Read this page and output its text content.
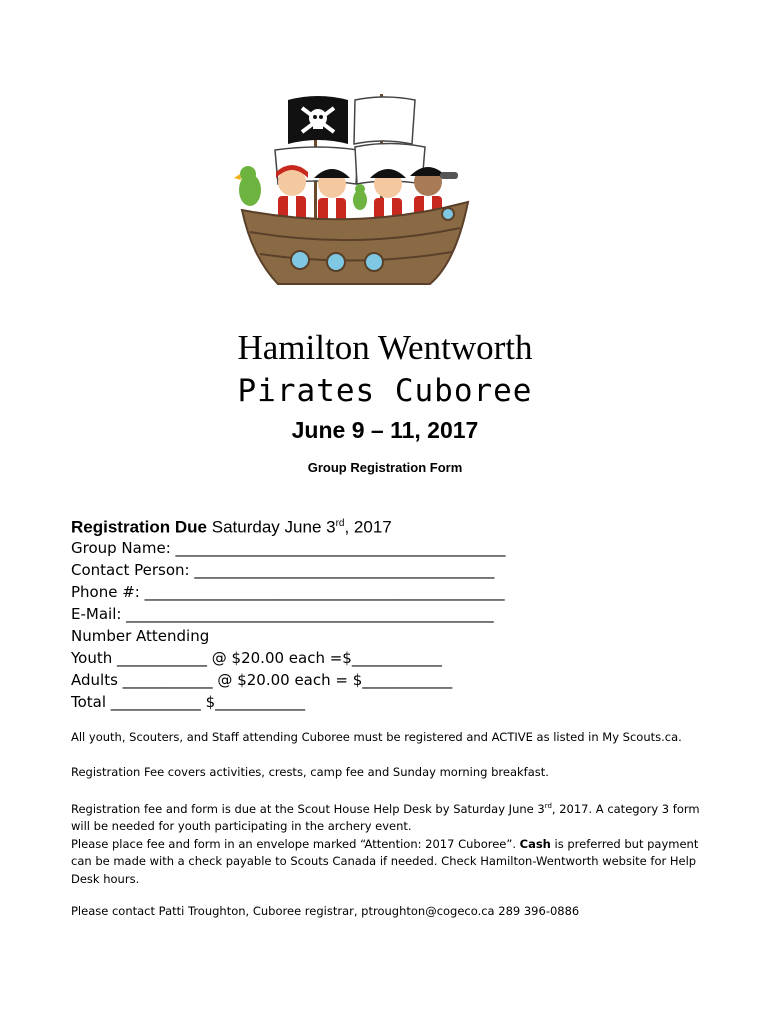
Hamilton Wentworth
Pirates Cuboree
June 9 – 11, 2017
Group Registration Form
Registration Due Saturday June 3rd, 2017
Group Name: ____________________________________________
Contact Person: ________________________________________
Phone #: ________________________________________________
E-Mail: _________________________________________________
Number Attending
Youth ____________ @ $20.00 each =$____________
Adults ____________ @ $20.00 each = $____________
Total ____________ $____________
All youth, Scouters, and Staff attending Cuboree must be registered and ACTIVE as listed in My Scouts.ca.
Registration Fee covers activities, crests, camp fee and Sunday morning breakfast.
Registration fee and form is due at the Scout House Help Desk by Saturday June 3rd, 2017. A category 3 form will be needed for youth participating in the archery event.
Please place fee and form in an envelope marked “Attention: 2017 Cuboree”. Cash is preferred but payment can be made with a check payable to Scouts Canada if needed. Check Hamilton-Wentworth website for Help Desk hours.
Please contact Patti Troughton, Cuboree registrar, ptroughton@cogeco.ca 289 396-0886
